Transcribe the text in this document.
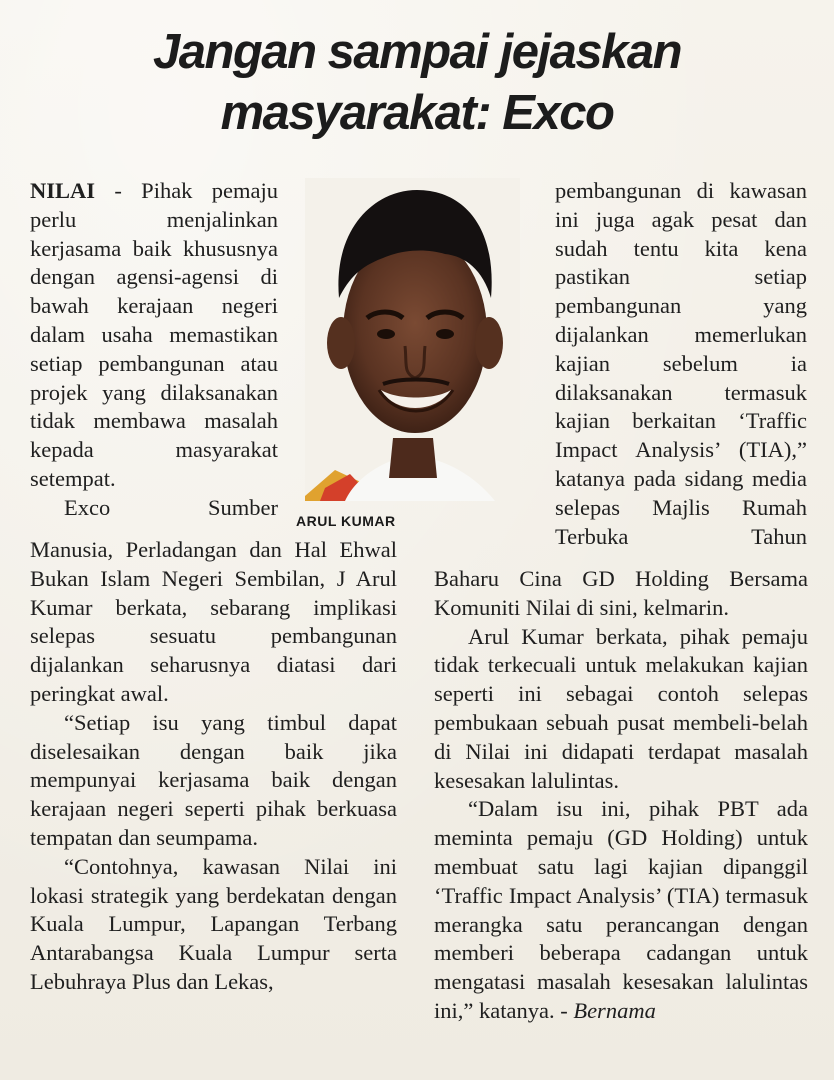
Jangan sampai jejaskan
masyarakat: Exco

NILAI - Pihak pemaju perlu menjalinkan kerjasama baik khususnya dengan agensi-agensi di bawah kerajaan negeri dalam usaha memastikan setiap pembangunan atau projek yang dilaksanakan tidak membawa masalah kepada masyarakat setempat.

Exco Sumber

Manusia, Perladangan dan Hal Ehwal Bukan Islam Negeri Sembilan, J Arul Kumar berkata, sebarang implikasi selepas sesuatu pembangunan dijalankan seharusnya diatasi dari peringkat awal.

“Setiap isu yang timbul dapat diselesaikan dengan baik jika mempunyai kerjasama baik dengan kerajaan negeri seperti pihak berkuasa tempatan dan seumpama.

“Contohnya, kawasan Nilai ini lokasi strategik yang berdekatan dengan Kuala Lumpur, Lapangan Terbang Antarabangsa Kuala Lumpur serta Lebuhraya Plus dan Lekas,

ARUL KUMAR

pembangunan di kawasan ini juga agak pesat dan sudah tentu kita kena pastikan setiap pembangunan yang dijalankan memerlukan kajian sebelum ia dilaksanakan termasuk kajian berkaitan ‘Traffic Impact Analysis’ (TIA),” katanya pada sidang media selepas Majlis Rumah Terbuka Tahun

Baharu Cina GD Holding Bersama Komuniti Nilai di sini, kelmarin.

Arul Kumar berkata, pihak pemaju tidak terkecuali untuk melakukan kajian seperti ini sebagai contoh selepas pembukaan sebuah pusat membeli-belah di Nilai ini didapati terdapat masalah kesesakan lalulintas.

“Dalam isu ini, pihak PBT ada meminta pemaju (GD Holding) untuk membuat satu lagi kajian dipanggil ‘Traffic Impact Analysis’ (TIA) termasuk merangka satu perancangan dengan memberi beberapa cadangan untuk mengatasi masalah kesesakan lalulintas ini,” katanya. - Bernama
